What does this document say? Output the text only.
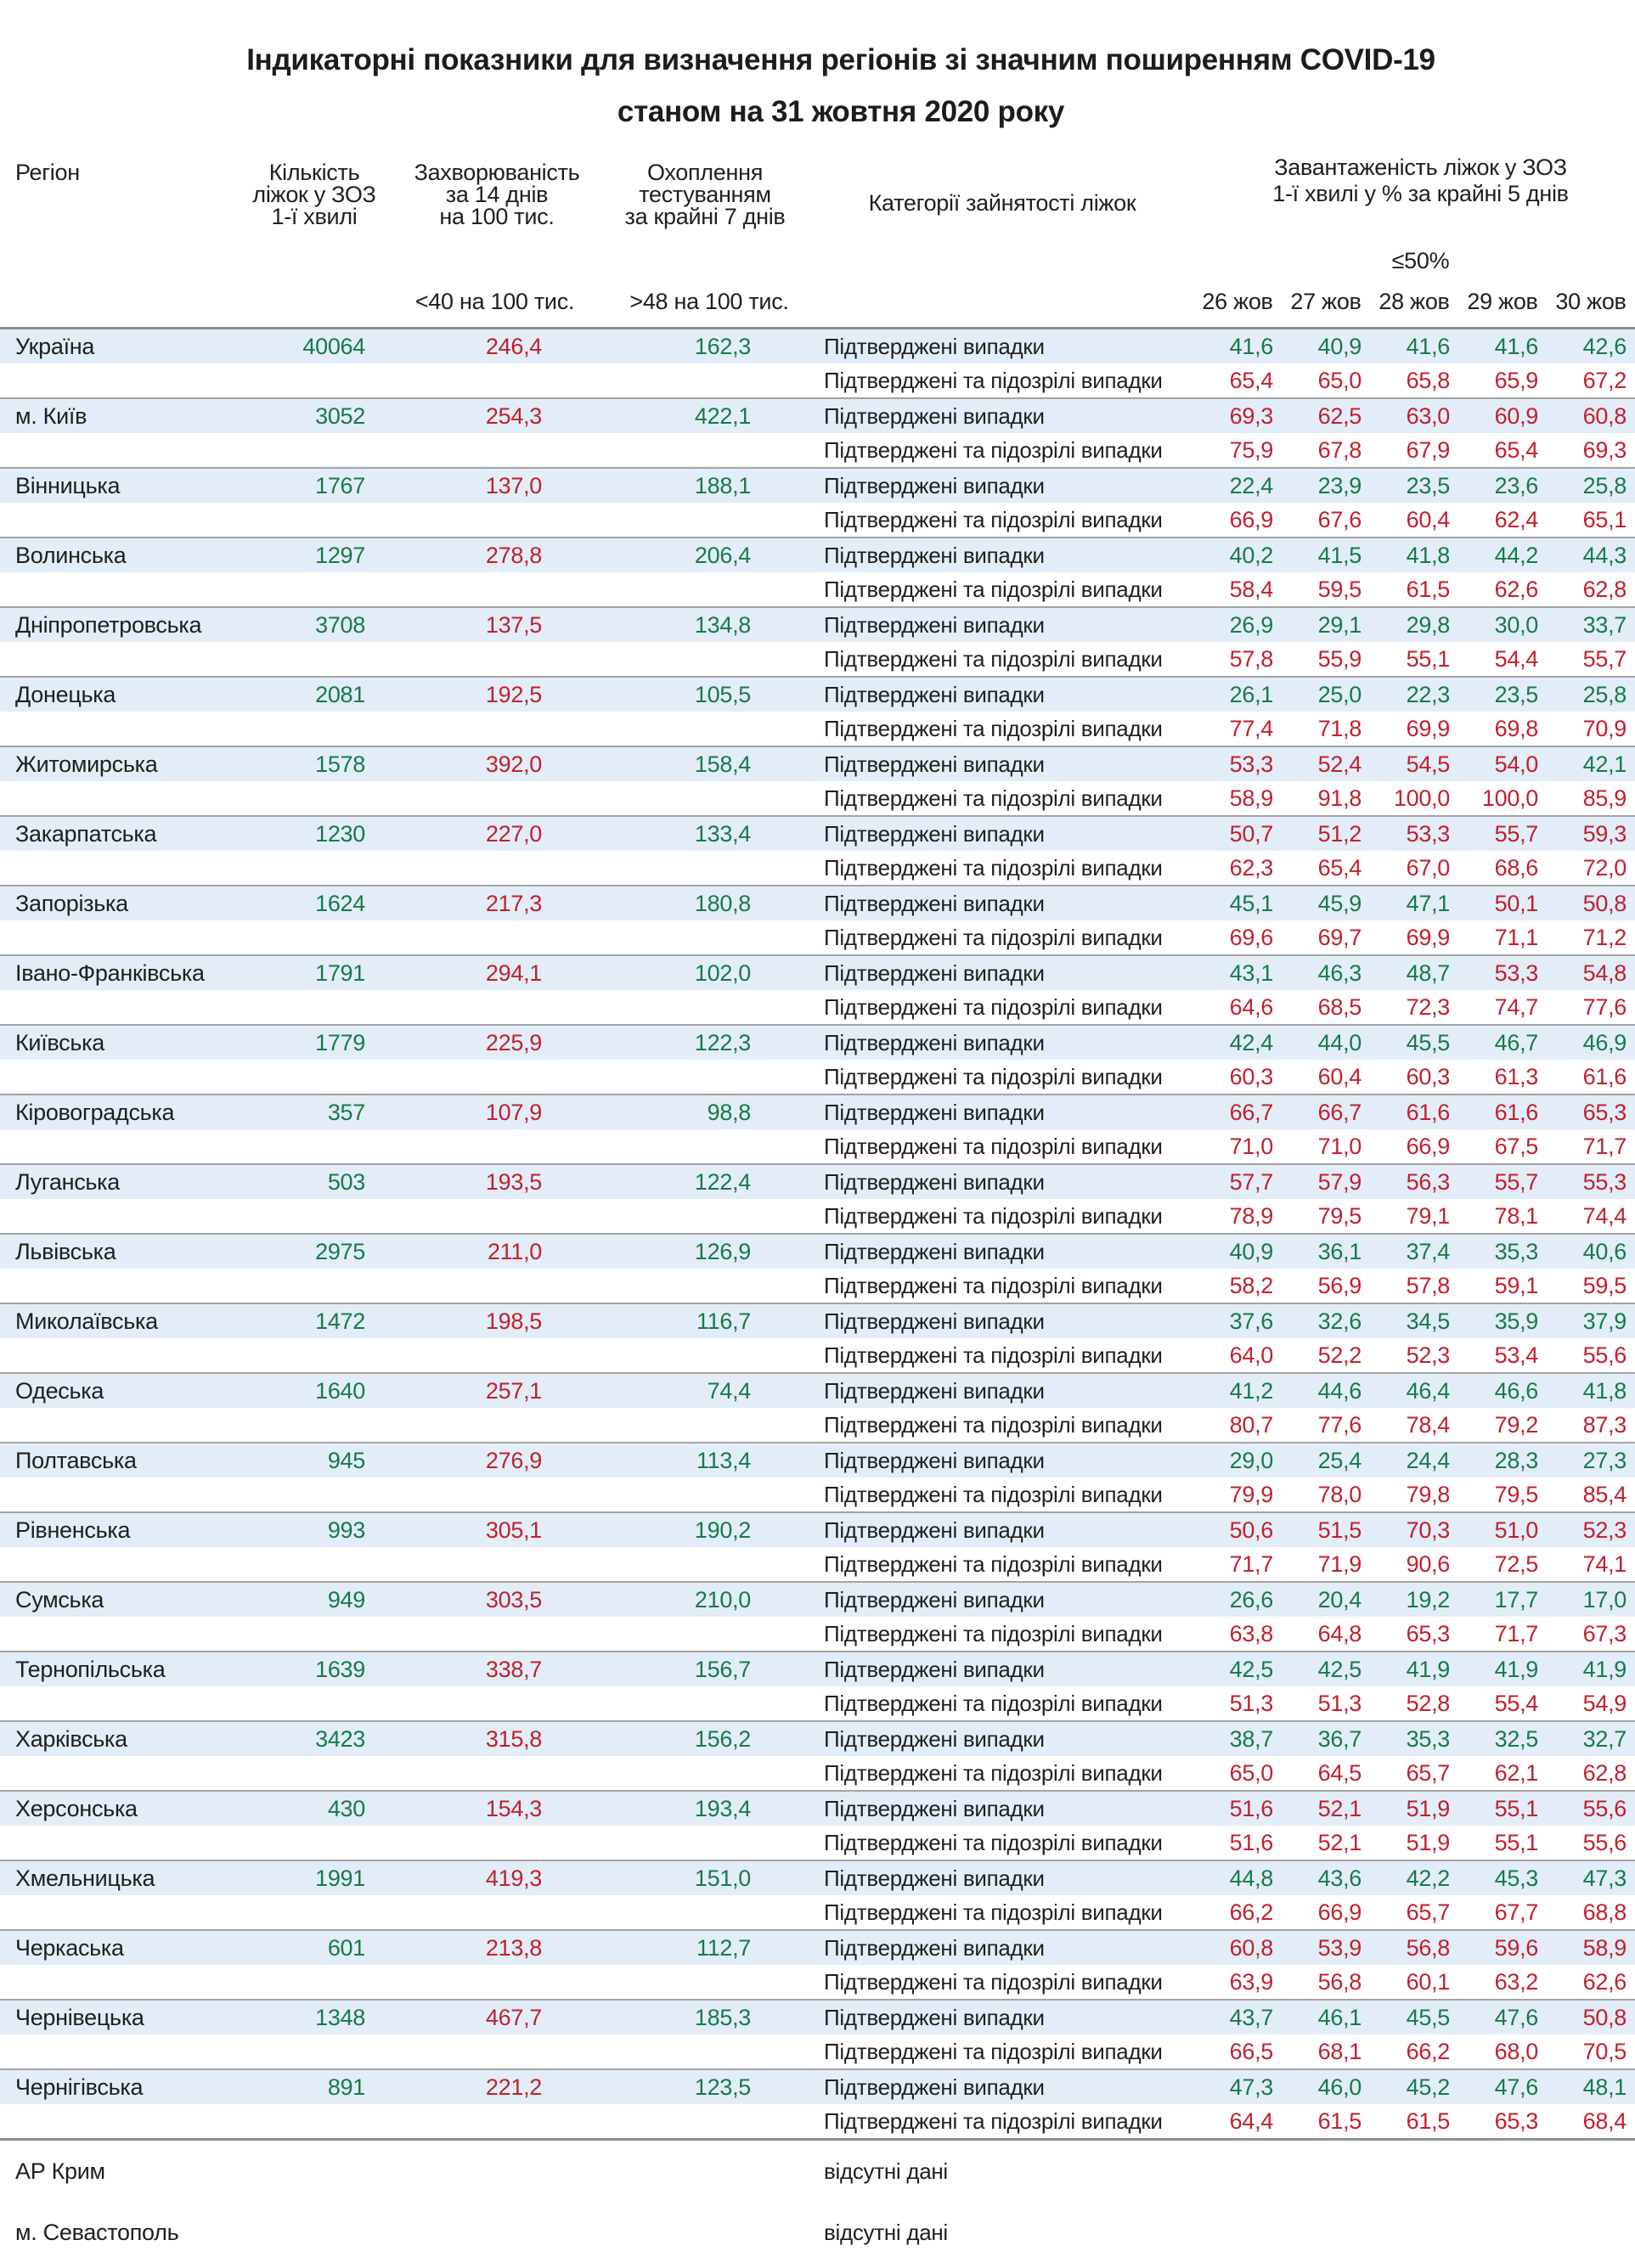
Індикаторні показники для визначення регіонів зі значним поширенням COVID-19
станом на 31 жовтня 2020 року
Регіон	Кількість
ліжок у ЗОЗ
1-ї хвилі
Захворюваність
за 14 днів
на 100 тис.
Охоплення
тестуванням
за крайні 7 днів
Категорії зайнятості ліжок
Завантаженість ліжок у ЗОЗ
1-ї хвилі у % за крайні 5 днів
≤50%
<40 на 100 тис.	>48 на 100 тис.	26 жов 27 жов 28 жов 29 жов 30 жов
Україна	40064	246,4	162,3	Підтверджені випадки	41,6	40,9	41,6	41,6	42,6
Підтверджені та підозрілі випадки	65,4	65,0	65,8	65,9	67,2
м. Київ	3052	254,3	422,1	Підтверджені випадки	69,3	62,5	63,0	60,9	60,8
Підтверджені та підозрілі випадки	75,9	67,8	67,9	65,4	69,3
Вінницька	1767	137,0	188,1	Підтверджені випадки	22,4	23,9	23,5	23,6	25,8
Підтверджені та підозрілі випадки	66,9	67,6	60,4	62,4	65,1
Волинська	1297	278,8	206,4	Підтверджені випадки	40,2	41,5	41,8	44,2	44,3
Підтверджені та підозрілі випадки	58,4	59,5	61,5	62,6	62,8
Дніпропетровська	3708	137,5	134,8	Підтверджені випадки	26,9	29,1	29,8	30,0	33,7
Підтверджені та підозрілі випадки	57,8	55,9	55,1	54,4	55,7
Донецька	2081	192,5	105,5	Підтверджені випадки	26,1	25,0	22,3	23,5	25,8
Підтверджені та підозрілі випадки	77,4	71,8	69,9	69,8	70,9
Житомирська	1578	392,0	158,4	Підтверджені випадки	53,3	52,4	54,5	54,0	42,1
Підтверджені та підозрілі випадки	58,9	91,8	100,0	100,0	85,9
Закарпатська	1230	227,0	133,4	Підтверджені випадки	50,7	51,2	53,3	55,7	59,3
Підтверджені та підозрілі випадки	62,3	65,4	67,0	68,6	72,0
Запорізька	1624	217,3	180,8	Підтверджені випадки	45,1	45,9	47,1	50,1	50,8
Підтверджені та підозрілі випадки	69,6	69,7	69,9	71,1	71,2
Івано-Франківська	1791	294,1	102,0	Підтверджені випадки	43,1	46,3	48,7	53,3	54,8
Підтверджені та підозрілі випадки	64,6	68,5	72,3	74,7	77,6
Київська	1779	225,9	122,3	Підтверджені випадки	42,4	44,0	45,5	46,7	46,9
Підтверджені та підозрілі випадки	60,3	60,4	60,3	61,3	61,6
Кіровоградська	357	107,9	98,8	Підтверджені випадки	66,7	66,7	61,6	61,6	65,3
Підтверджені та підозрілі випадки	71,0	71,0	66,9	67,5	71,7
Луганська	503	193,5	122,4	Підтверджені випадки	57,7	57,9	56,3	55,7	55,3
Підтверджені та підозрілі випадки	78,9	79,5	79,1	78,1	74,4
Львівська	2975	211,0	126,9	Підтверджені випадки	40,9	36,1	37,4	35,3	40,6
Підтверджені та підозрілі випадки	58,2	56,9	57,8	59,1	59,5
Миколаївська	1472	198,5	116,7	Підтверджені випадки	37,6	32,6	34,5	35,9	37,9
Підтверджені та підозрілі випадки	64,0	52,2	52,3	53,4	55,6
Одеська	1640	257,1	74,4	Підтверджені випадки	41,2	44,6	46,4	46,6	41,8
Підтверджені та підозрілі випадки	80,7	77,6	78,4	79,2	87,3
Полтавська	945	276,9	113,4	Підтверджені випадки	29,0	25,4	24,4	28,3	27,3
Підтверджені та підозрілі випадки	79,9	78,0	79,8	79,5	85,4
Рівненська	993	305,1	190,2	Підтверджені випадки	50,6	51,5	70,3	51,0	52,3
Підтверджені та підозрілі випадки	71,7	71,9	90,6	72,5	74,1
Сумська	949	303,5	210,0	Підтверджені випадки	26,6	20,4	19,2	17,7	17,0
Підтверджені та підозрілі випадки	63,8	64,8	65,3	71,7	67,3
Тернопільська	1639	338,7	156,7	Підтверджені випадки	42,5	42,5	41,9	41,9	41,9
Підтверджені та підозрілі випадки	51,3	51,3	52,8	55,4	54,9
Харківська	3423	315,8	156,2	Підтверджені випадки	38,7	36,7	35,3	32,5	32,7
Підтверджені та підозрілі випадки	65,0	64,5	65,7	62,1	62,8
Херсонська	430	154,3	193,4	Підтверджені випадки	51,6	52,1	51,9	55,1	55,6
Підтверджені та підозрілі випадки	51,6	52,1	51,9	55,1	55,6
Хмельницька	1991	419,3	151,0	Підтверджені випадки	44,8	43,6	42,2	45,3	47,3
Підтверджені та підозрілі випадки	66,2	66,9	65,7	67,7	68,8
Черкаська	601	213,8	112,7	Підтверджені випадки	60,8	53,9	56,8	59,6	58,9
Підтверджені та підозрілі випадки	63,9	56,8	60,1	63,2	62,6
Чернівецька	1348	467,7	185,3	Підтверджені випадки	43,7	46,1	45,5	47,6	50,8
Підтверджені та підозрілі випадки	66,5	68,1	66,2	68,0	70,5
Чернігівська	891	221,2	123,5	Підтверджені випадки	47,3	46,0	45,2	47,6	48,1
Підтверджені та підозрілі випадки	64,4	61,5	61,5	65,3	68,4
АР Крим	відсутні дані
м. Севастополь	відсутні дані
